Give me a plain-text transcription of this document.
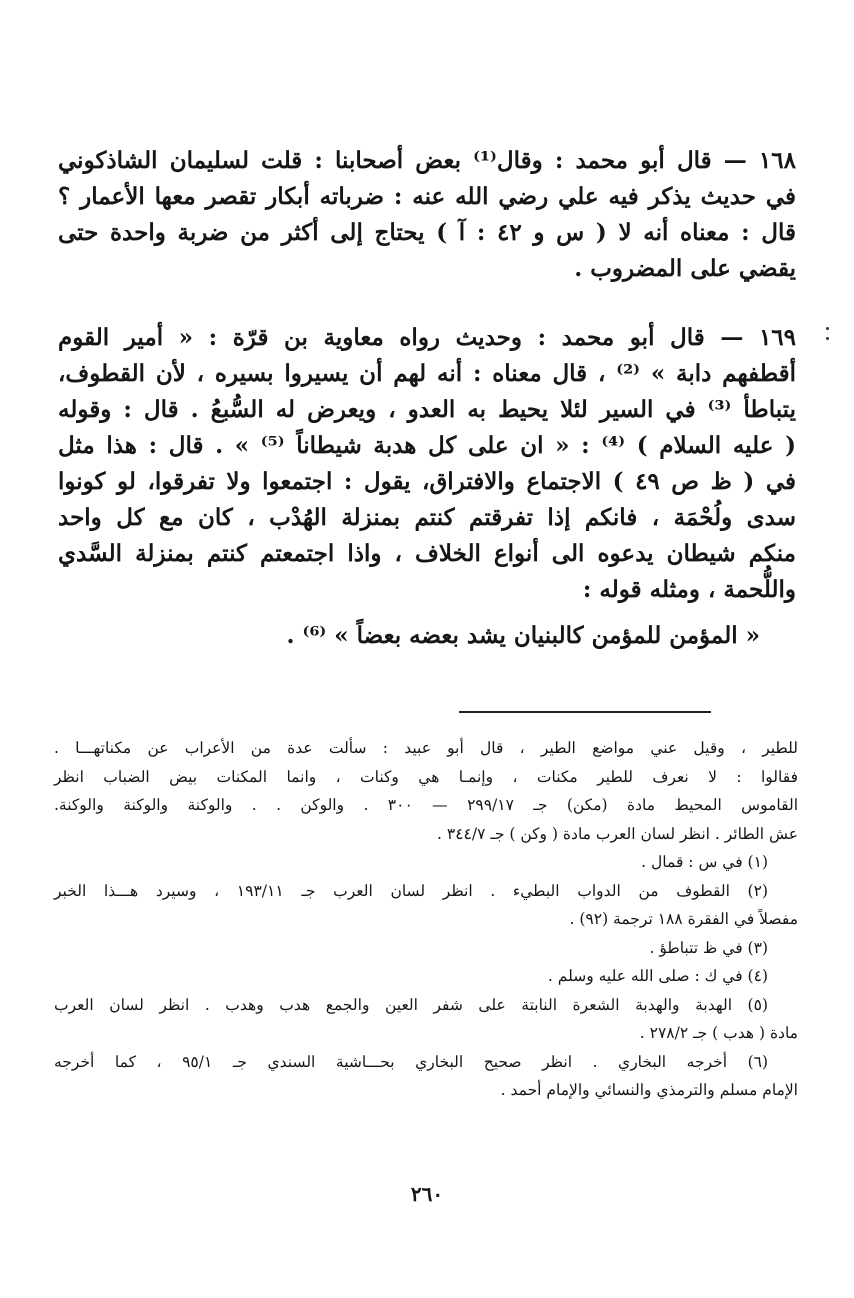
١٦٨ — قال أبو محمد : وقال⁽¹⁾ بعض أصحابنا : قلت لسليمان الشاذكوني
في حديث يذكر فيه علي رضي الله عنه : ضرباته أبكار تقصر معها الأعمار ؟
قال : معناه أنه لا ( س و ٤٢ : آ ) يحتاج إلى أكثر من ضربة واحدة حتى
يقضي على المضروب .
١٦٩ — قال أبو محمد : وحديث رواه معاوية بن قرّة : « أمير القوم
أقطفهم دابة » ⁽²⁾ ، قال معناه : أنه لهم أن يسيروا بسيره ، لأن القطوف،
يتباطأ ⁽³⁾ في السير لئلا يحيط به العدو ، ويعرض له السُّبعُ . قال : وقوله
( عليه السلام ) ⁽⁴⁾ : « ان على كل هدبة شيطاناً ⁽⁵⁾ » . قال : هذا مثل
في ( ظ ص ٤٩ ) الاجتماع والافتراق، يقول : اجتمعوا ولا تفرقوا، لو كونوا
سدى ولُحْمَة ، فانكم إذا تفرقتم كنتم بمنزلة الهُدْب ، كان مع كل واحد
منكم شيطان يدعوه الى أنواع الخلاف ، واذا اجتمعتم كنتم بمنزلة السَّدي
واللُّحمة ، ومثله قوله :
« المؤمن للمؤمن كالبنيان يشد بعضه بعضاً » ⁽⁶⁾ .
للطير ، وقيل عني مواضع الطير ، قال أبو عبيد : سألت عدة من الأعراب عن مكناتهـــا .
فقالوا : لا نعرف للطير مكنات ، وإنمـا هي وكنات ، وانما المكنات بيض الضباب انظر
القاموس المحيط مادة (مكن) جـ ٢٩٩/١٧ — ٣٠٠ . والوكن . . والوكنة والوكنة والوكنة.
عش الطائر . انظر لسان العرب مادة ( وكن ) جـ ٣٤٤/٧ .
(١) في س : قمال .
(٢) القطوف من الدواب البطيء . انظر لسان العرب جـ ١٩٣/١١ ، وسيرد هـــذا الخبر
مفصلاً في الفقرة ١٨٨ ترجمة (٩٢) .
(٣) في ظ تتباطؤ .
(٤) في ك : صلى الله عليه وسلم .
(٥) الهدبة والهدبة الشعرة النابتة على شفر العين والجمع هدب وهدب . انظر لسان العرب
مادة ( هدب ) جـ ٢٧٨/٢ .
(٦) أخرجه البخاري . انظر صحيح البخاري بحـــاشية السندي جـ ٩٥/١ ، كما أخرجه
الإمام مسلم والترمذي والنسائي والإمام أحمد .
٢٦٠
